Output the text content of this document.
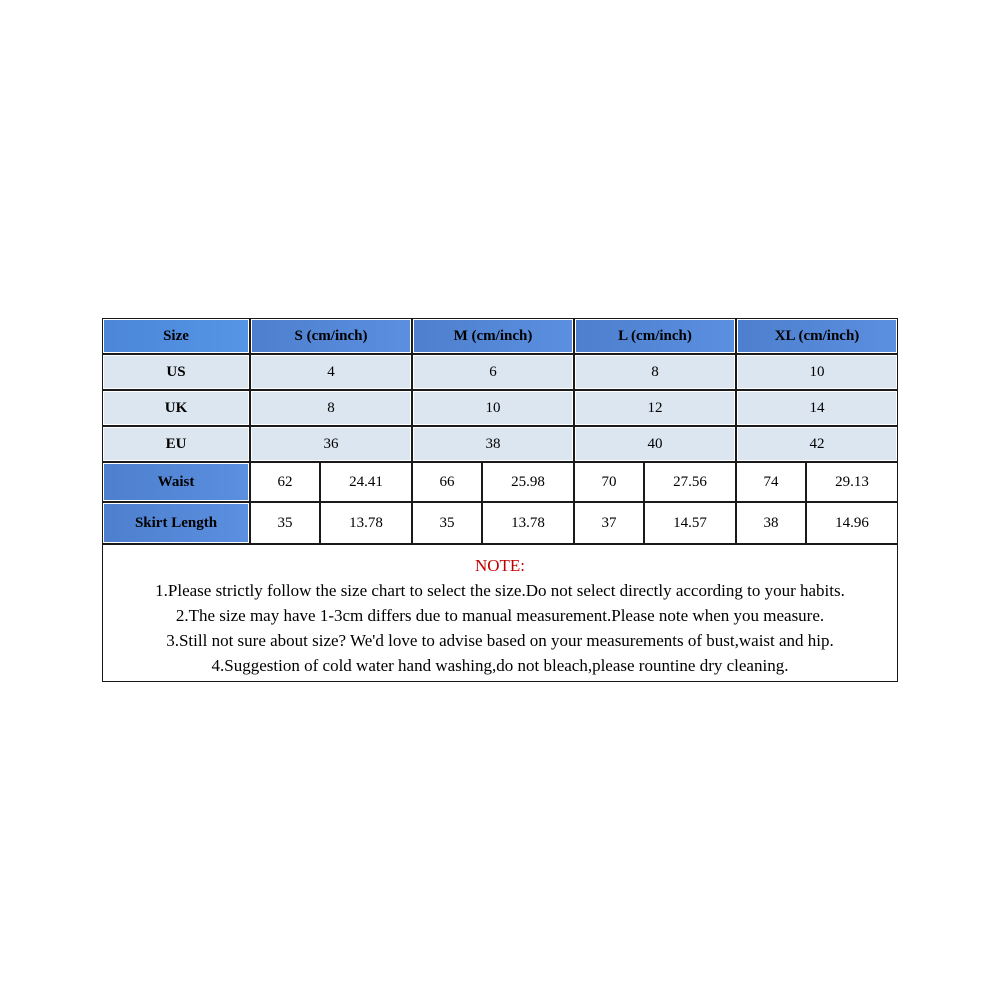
Size	S (cm/inch)	M (cm/inch)	L (cm/inch)	XL (cm/inch)
US	4	6	8	10
UK	8	10	12	14
EU	36	38	40	42
Waist	62	24.41	66	25.98	70	27.56	74	29.13
Skirt Length	35	13.78	35	13.78	37	14.57	38	14.96
NOTE:
1.Please strictly follow the size chart to select the size.Do not select directly according to your habits.
2.The size may have 1-3cm differs due to manual measurement.Please note when you measure.
3.Still not sure about size? We'd love to advise based on your measurements of bust,waist and hip.
4.Suggestion of cold water hand washing,do not bleach,please rountine dry cleaning.
